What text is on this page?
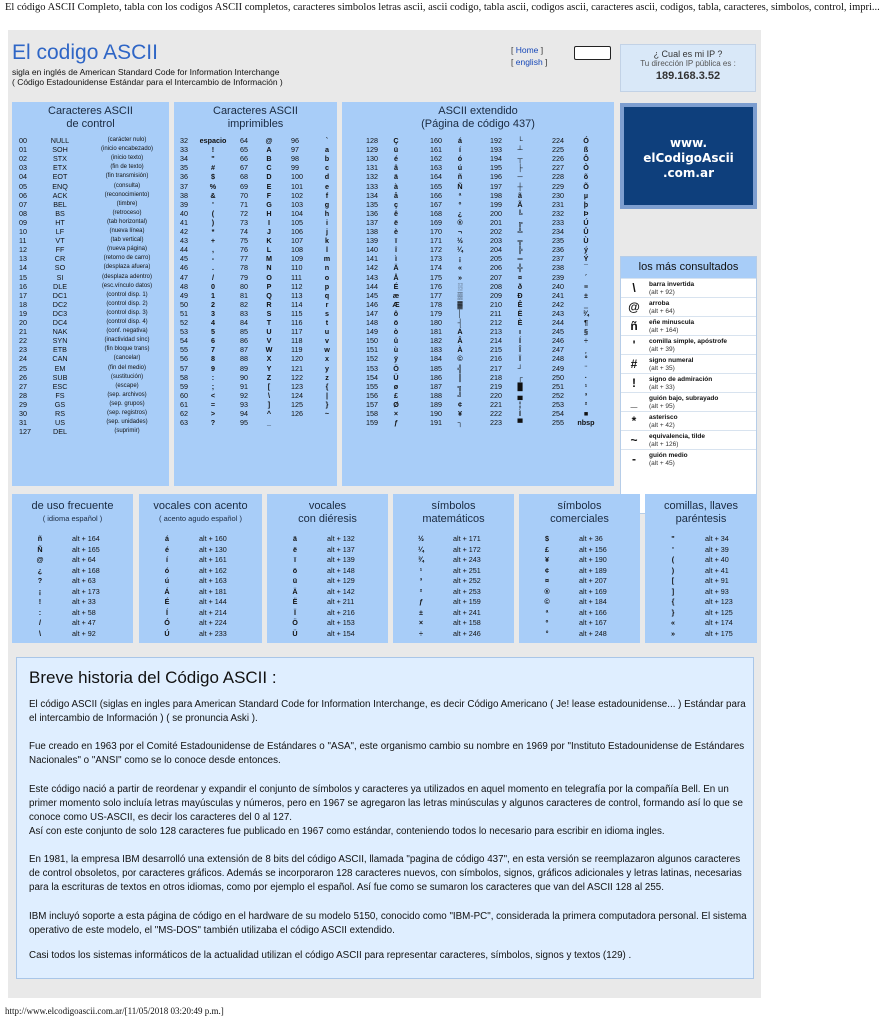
El código ASCII Completo, tabla con los codigos ASCII completos, caracteres simbolos letras ascii, ascii codigo, tabla ascii, codigos ascii, caracteres ascii, codigos, tabla, caracteres, simbolos, control, impri...
El codigo ASCII
sigla en inglés de American Standard Code for Information Interchange
( Código Estadounidense Estándar para el Intercambio de Información )
[ Home ]
[ english ]
¿ Cual es mi IP ?
Tu dirección IP pública es :
189.168.3.52
www.
elCodigoAscii
.com.ar
Caracteres ASCII
de control
00	NULL	(carácter nulo)
01	SOH	(inicio encabezado)
02	STX	(inicio texto)
03	ETX	(fin de texto)
04	EOT	(fin transmisión)
05	ENQ	(consulta)
06	ACK	(reconocimiento)
07	BEL	(timbre)
08	BS	(retroceso)
09	HT	(tab horizontal)
10	LF	(nueva línea)
11	VT	(tab vertical)
12	FF	(nueva página)
13	CR	(retorno de carro)
14	SO	(desplaza afuera)
15	SI	(desplaza adentro)
16	DLE	(esc.vínculo datos)
17	DC1	(control disp. 1)
18	DC2	(control disp. 2)
19	DC3	(control disp. 3)
20	DC4	(control disp. 4)
21	NAK	(conf. negativa)
22	SYN	(inactividad sínc)
23	ETB	(fin bloque trans)
24	CAN	(cancelar)
25	EM	(fin del medio)
26	SUB	(sustitución)
27	ESC	(escape)
28	FS	(sep. archivos)
29	GS	(sep. grupos)
30	RS	(sep. registros)
31	US	(sep. unidades)
127	DEL	(suprimir)
Caracteres ASCII
imprimibles
32	espacio	64	@	96	`
33	!	65	A	97	a
34	"	66	B	98	b
35	#	67	C	99	c
36	$	68	D	100	d
37	%	69	E	101	e
38	&	70	F	102	f
39	'	71	G	103	g
40	(	72	H	104	h
41	)	73	I	105	i
42	*	74	J	106	j
43	+	75	K	107	k
44	,	76	L	108	l
45	-	77	M	109	m
46	.	78	N	110	n
47	/	79	O	111	o
48	0	80	P	112	p
49	1	81	Q	113	q
50	2	82	R	114	r
51	3	83	S	115	s
52	4	84	T	116	t
53	5	85	U	117	u
54	6	86	V	118	v
55	7	87	W	119	w
56	8	88	X	120	x
57	9	89	Y	121	y
58	:	90	Z	122	z
59	;	91	[	123	{
60	<	92	\	124	|
61	=	93	]	125	}
62	>	94	^	126	~
63	?	95	_
ASCII extendido
(Página de código 437)
128	Ç	160	á	192	└	224	Ó
129	ü	161	í	193	┴	225	ß
130	é	162	ó	194	┬	226	Ô
131	â	163	ú	195	├	227	Ò
132	ä	164	ñ	196	─	228	õ
133	à	165	Ñ	197	┼	229	Õ
134	å	166	ª	198	ã	230	µ
135	ç	167	º	199	Ã	231	þ
136	ê	168	¿	200	╚	232	Þ
137	ë	169	®	201	╔	233	Ú
138	è	170	¬	202	╩	234	Û
139	ï	171	½	203	╦	235	Ù
140	î	172	¼	204	╠	236	ý
141	ì	173	¡	205	═	237	Ý
142	Ä	174	«	206	╬	238	¯
143	Å	175	»	207	¤	239	´
144	É	176	░	208	ð	240	≡
145	æ	177	▒	209	Ð	241	±
146	Æ	178	▓	210	Ê	242	‗
147	ô	179	│	211	Ë	243	¾
148	ö	180	┤	212	È	244	¶
149	ò	181	Á	213	ı	245	§
150	û	182	Â	214	Í	246	÷
151	ù	183	À	215	Î	247	¸
152	ÿ	184	©	216	Ï	248	°
153	Ö	185	╣	217	┘	249	¨
154	Ü	186	║	218	┌	250	·
155	ø	187	╗	219	█	251	¹
156	£	188	╝	220	▄	252	³
157	Ø	189	¢	221	¦	253	²
158	×	190	¥	222	Ì	254	■
159	ƒ	191	┐	223	▀	255	nbsp
los más consultados
\	barra invertida
(alt + 92)
@ arroba
(alt + 64)
ñ	eñe minuscula
(alt + 164)
'	comilla simple, apóstrofe
(alt + 39)
#	signo numeral
(alt + 35)
!	signo de admiración
(alt + 33)
_	guión bajo, subrayado
(alt + 95)
*	asterisco
(alt + 42)
~	equivalencia, tilde
(alt + 126)
-	guión medio
(alt + 45)
de uso frecuente
( idioma español )
ñ	alt + 164
Ñ	alt + 165
@	alt + 64
¿	alt + 168
?	alt + 63
¡	alt + 173
!	alt + 33
:	alt + 58
/	alt + 47
\	alt + 92
vocales con acento
( acento agudo español )
á	alt + 160
é	alt + 130
í	alt + 161
ó	alt + 162
ú	alt + 163
Á	alt + 181
É	alt + 144
Í	alt + 214
Ó	alt + 224
Ú	alt + 233
vocales
con diéresis
ä	alt + 132
ë	alt + 137
ï	alt + 139
ö	alt + 148
ü	alt + 129
Ä	alt + 142
Ë	alt + 211
Ï	alt + 216
Ö	alt + 153
Ü	alt + 154
símbolos
matemáticos
½	alt + 171
¼	alt + 172
¾	alt + 243
¹	alt + 251
³	alt + 252
²	alt + 253
ƒ	alt + 159
±	alt + 241
×	alt + 158
÷	alt + 246
símbolos
comerciales
$	alt + 36
£	alt + 156
¥	alt + 190
¢	alt + 189
¤	alt + 207
®	alt + 169
©	alt + 184
ª	alt + 166
º	alt + 167
°	alt + 248
comillas, llaves
paréntesis
"	alt + 34
'	alt + 39
(	alt + 40
)	alt + 41
[	alt + 91
]	alt + 93
{	alt + 123
}	alt + 125
«	alt + 174
»	alt + 175
Breve historia del Código ASCII :
El código ASCII (siglas en ingles para American Standard Code for Information Interchange, es decir Código Americano ( Je! lease estadounidense... ) Estándar para el intercambio de Información ) ( se pronuncia Aski ).
Fue creado en 1963 por el Comité Estadounidense de Estándares o "ASA", este organismo cambio su nombre en 1969 por "Instituto Estadounidense de Estándares Nacionales" o "ANSI" como se lo conoce desde entonces.
Este código nació a partir de reordenar y expandir el conjunto de símbolos y caracteres ya utilizados en aquel momento en telegrafía por la compañía Bell. En un primer momento solo incluía letras mayúsculas y números, pero en 1967 se agregaron las letras minúsculas y algunos caracteres de control, formando así lo que se conoce como US-ASCII, es decir los caracteres del 0 al 127.
Así con este conjunto de solo 128 caracteres fue publicado en 1967 como estándar, conteniendo todos lo necesario para escribir en idioma ingles.
En 1981, la empresa IBM desarrolló una extensión de 8 bits del código ASCII, llamada "pagina de código 437", en esta versión se reemplazaron algunos caracteres de control obsoletos, por caracteres gráficos. Además se incorporaron 128 caracteres nuevos, con símbolos, signos, gráficos adicionales y letras latinas, necesarias para la escrituras de textos en otros idiomas, como por ejemplo el español. Así fue como se sumaron los caracteres que van del ASCII 128 al 255.
IBM incluyó soporte a esta página de código en el hardware de su modelo 5150, conocido como "IBM-PC", considerada la primera computadora personal. El sistema operativo de este modelo, el "MS-DOS" también utilizaba el código ASCII extendido.
Casi todos los sistemas informáticos de la actualidad utilizan el código ASCII para representar caracteres, símbolos, signos y textos (129) .
http://www.elcodigoascii.com.ar/[11/05/2018 03:20:49 p.m.]
